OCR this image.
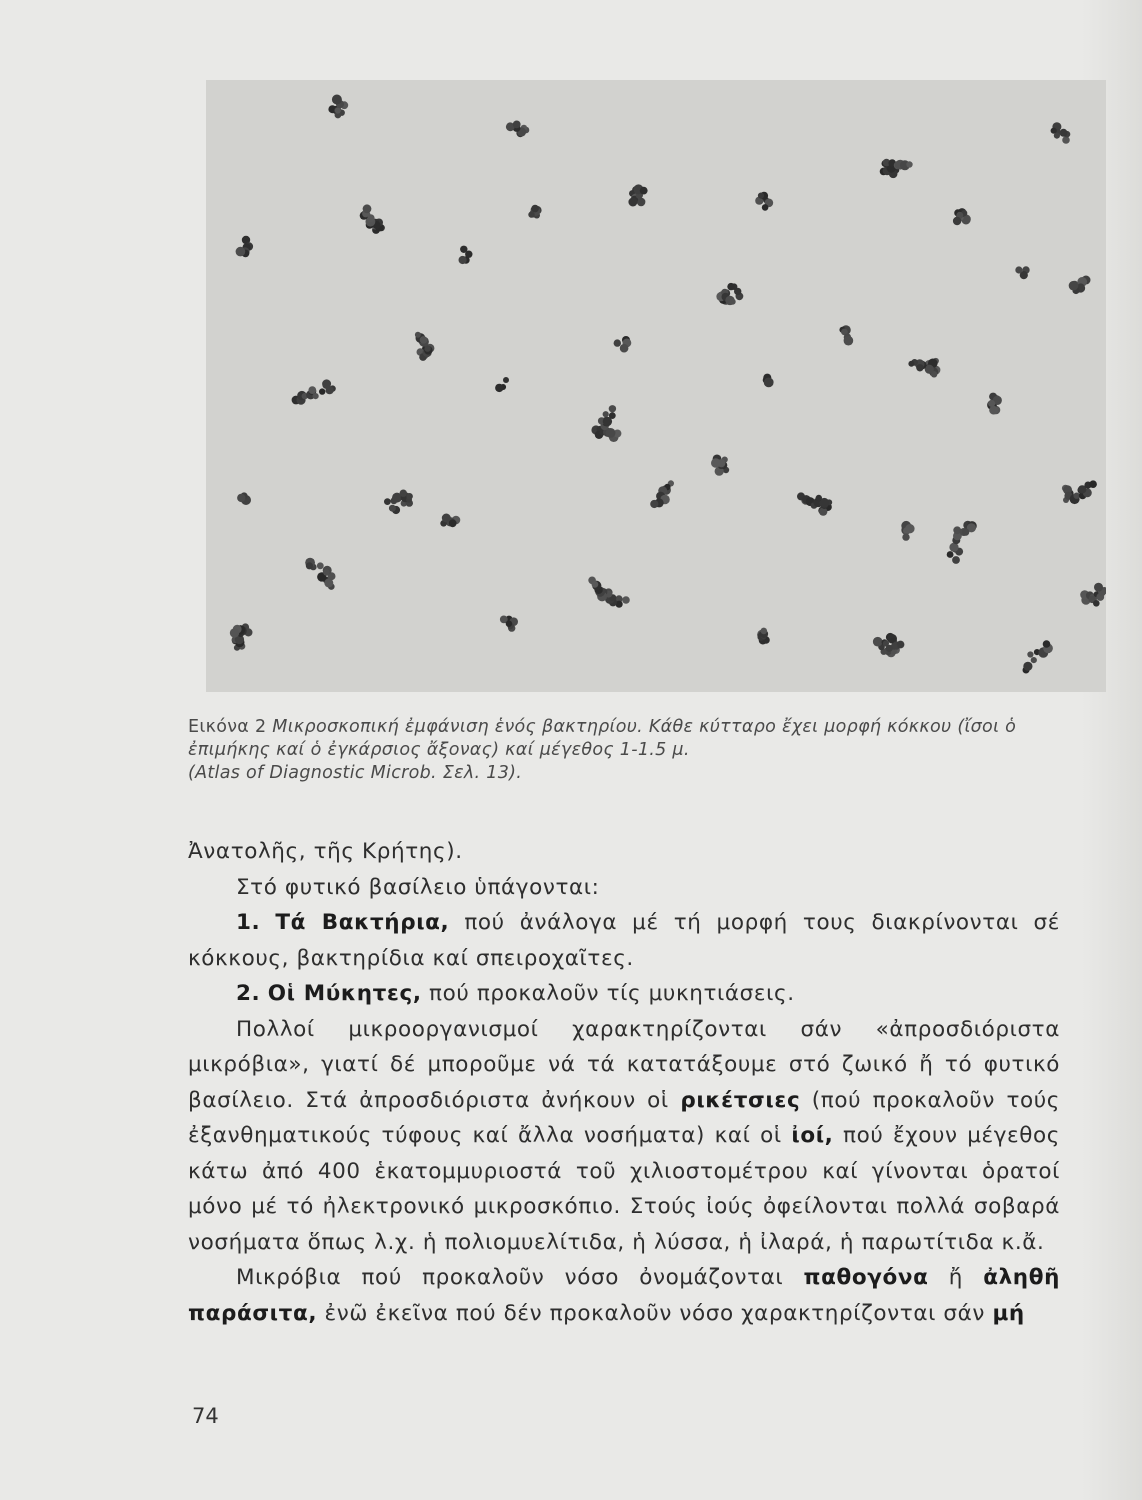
Εικόνα 2 Μικροσκοπική ἐμφάνιση ἑνός βακτηρίου. Κάθε κύτταρο ἔχει μορφή κόκκου (ἴσοι ὁ ἐπιμήκης καί ὁ ἐγκάρσιος ἄξονας) καί μέγεθος 1-1.5 μ.
(Atlas of Diagnostic Microb. Σελ. 13).

Ἀνατολῆς, τῆς Κρήτης).

Στό φυτικό βασίλειο ὑπάγονται:

1. Τά Βακτήρια, πού ἀνάλογα μέ τή μορφή τους διακρίνονται σέ κόκκους, βακτηρίδια καί σπειροχαῖτες.

2. Οἱ Μύκητες, πού προκαλοῦν τίς μυκητιάσεις.

Πολλοί μικροοργανισμοί χαρακτηρίζονται σάν «ἀπροσδιόριστα μικρόβια», γιατί δέ μποροῦμε νά τά κατατάξουμε στό ζωικό ἤ τό φυτικό βασίλειο. Στά ἀπροσδιόριστα ἀνήκουν οἱ ρικέτσιες (πού προκαλοῦν τούς ἐξανθηματικούς τύφους καί ἄλλα νοσήματα) καί οἱ ἰοί, πού ἔχουν μέγεθος κάτω ἀπό 400 ἑκατομμυριοστά τοῦ χιλιοστομέτρου καί γίνονται ὁρατοί μόνο μέ τό ἠλεκτρονικό μικροσκόπιο. Στούς ἰούς ὀφείλονται πολλά σοβαρά νοσήματα ὅπως λ.χ. ἡ πολιομυελίτιδα, ἡ λύσσα, ἡ ἰλαρά, ἡ παρωτίτιδα κ.ἄ.

Μικρόβια πού προκαλοῦν νόσο ὀνομάζονται παθογόνα ἤ ἀληθῆ παράσιτα, ἐνῶ ἐκεῖνα πού δέν προκαλοῦν νόσο χαρακτηρίζονται σάν μή

74
